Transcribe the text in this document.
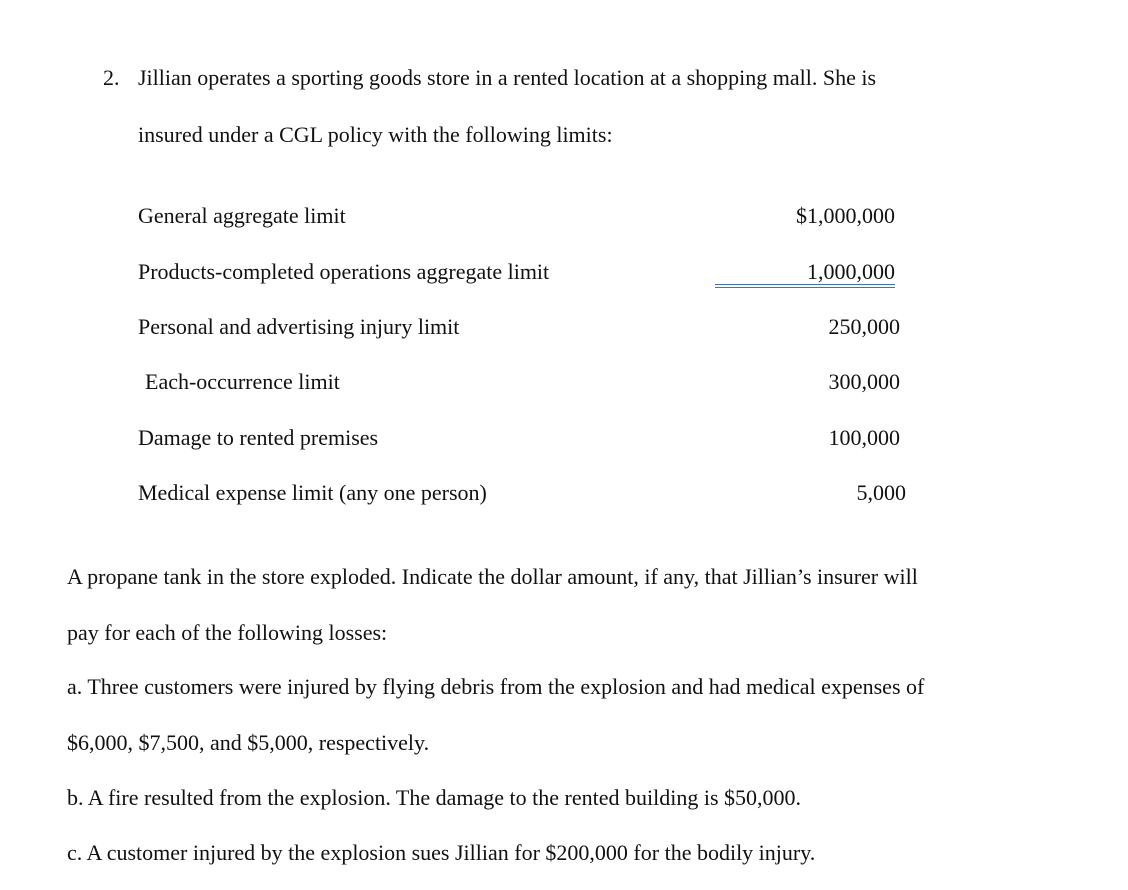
2. Jillian operates a sporting goods store in a rented location at a shopping mall. She is
insured under a CGL policy with the following limits:
General aggregate limit	$1,000,000
Products-completed operations aggregate limit	1,000,000
Personal and advertising injury limit	250,000
Each-occurrence limit	300,000
Damage to rented premises	100,000
Medical expense limit (any one person)	5,000
A propane tank in the store exploded. Indicate the dollar amount, if any, that Jillian’s insurer will
pay for each of the following losses:
a. Three customers were injured by flying debris from the explosion and had medical expenses of
$6,000, $7,500, and $5,000, respectively.
b. A fire resulted from the explosion. The damage to the rented building is $50,000.
c. A customer injured by the explosion sues Jillian for $200,000 for the bodily injury.
